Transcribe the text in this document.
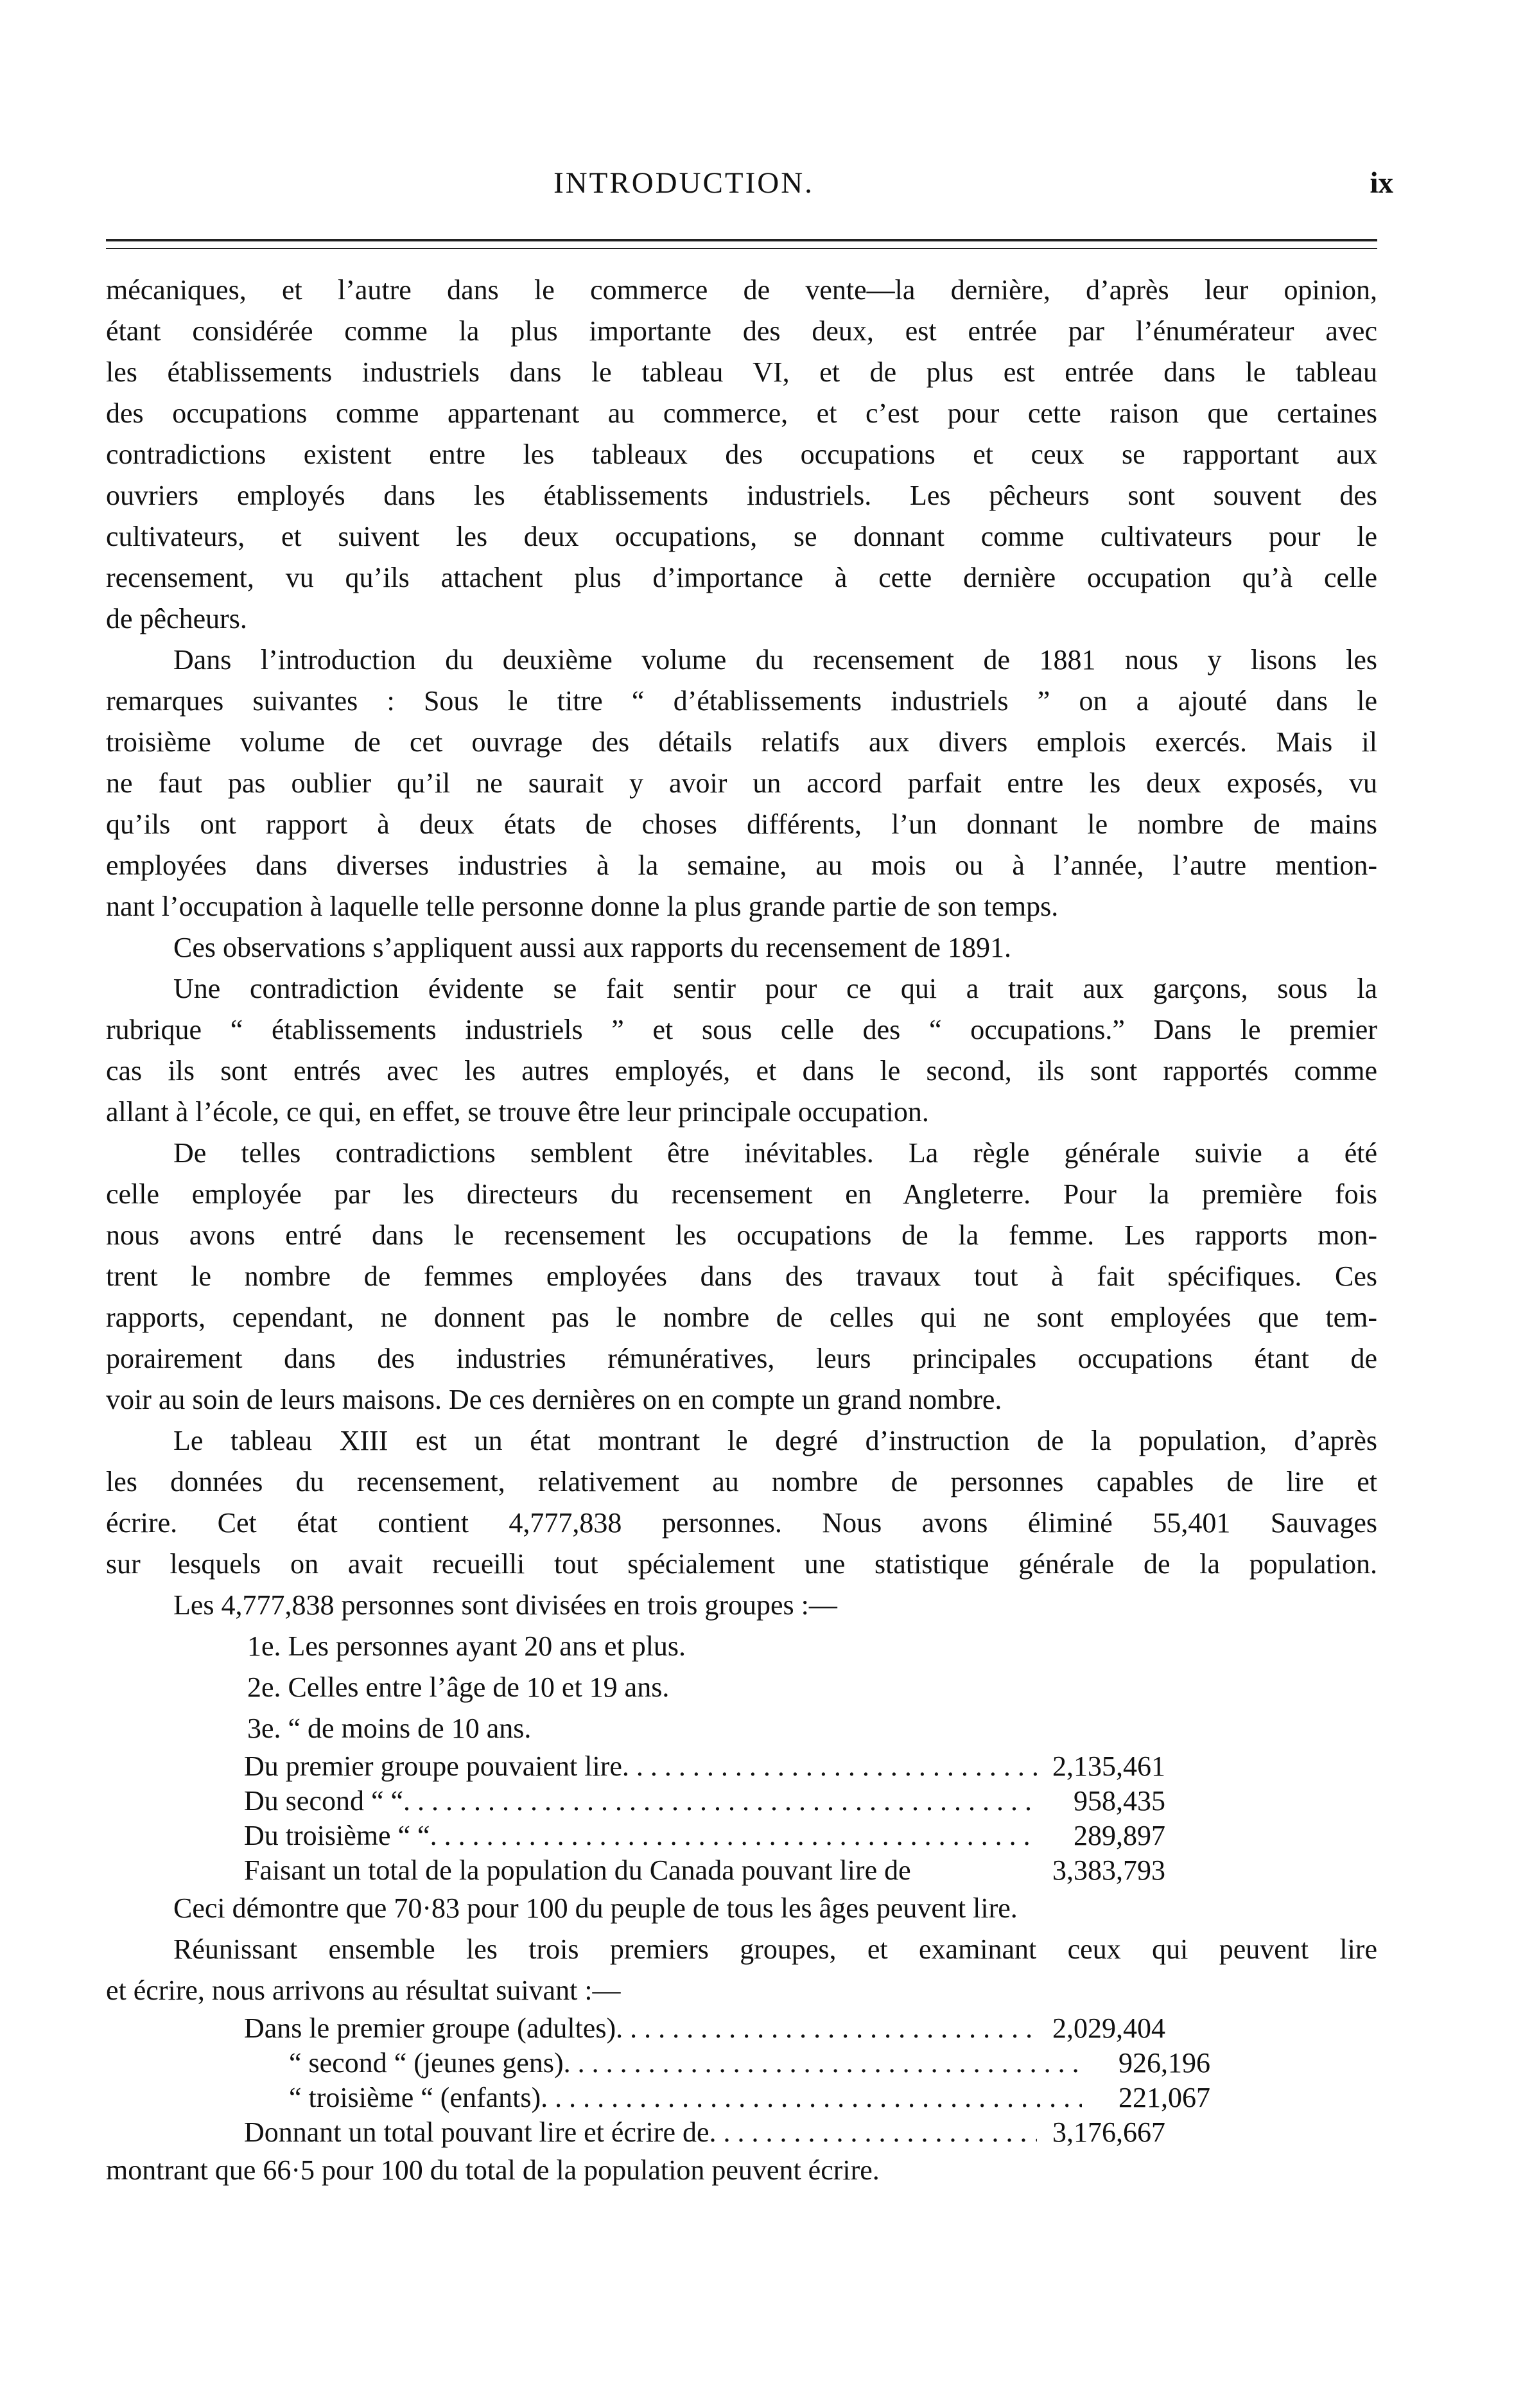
INTRODUCTION.	ix
mécaniques, et l’autre dans le commerce de vente—la dernière, d’après leur opinion,
étant considérée comme la plus importante des deux, est entrée par l’énumérateur avec
les établissements industriels dans le tableau VI, et de plus est entrée dans le tableau
des occupations comme appartenant au commerce, et c’est pour cette raison que certaines
contradictions existent entre les tableaux des occupations et ceux se rapportant aux
ouvriers employés dans les établissements industriels. Les pêcheurs sont souvent des
cultivateurs, et suivent les deux occupations, se donnant comme cultivateurs pour le
recensement, vu qu’ils attachent plus d’importance à cette dernière occupation qu’à celle
de pêcheurs.
Dans l’introduction du deuxième volume du recensement de 1881 nous y lisons les
remarques suivantes : Sous le titre “ d’établissements industriels ” on a ajouté dans le
troisième volume de cet ouvrage des détails relatifs aux divers emplois exercés. Mais il
ne faut pas oublier qu’il ne saurait y avoir un accord parfait entre les deux exposés, vu
qu’ils ont rapport à deux états de choses différents, l’un donnant le nombre de mains
employées dans diverses industries à la semaine, au mois ou à l’année, l’autre mention-
nant l’occupation à laquelle telle personne donne la plus grande partie de son temps.
Ces observations s’appliquent aussi aux rapports du recensement de 1891.
Une contradiction évidente se fait sentir pour ce qui a trait aux garçons, sous la
rubrique “ établissements industriels ” et sous celle des “ occupations.” Dans le premier
cas ils sont entrés avec les autres employés, et dans le second, ils sont rapportés comme
allant à l’école, ce qui, en effet, se trouve être leur principale occupation.
De telles contradictions semblent être inévitables. La règle générale suivie a été
celle employée par les directeurs du recensement en Angleterre. Pour la première fois
nous avons entré dans le recensement les occupations de la femme. Les rapports mon-
trent le nombre de femmes employées dans des travaux tout à fait spécifiques. Ces
rapports, cependant, ne donnent pas le nombre de celles qui ne sont employées que tem-
porairement dans des industries rémunératives, leurs principales occupations étant de
voir au soin de leurs maisons. De ces dernières on en compte un grand nombre.
Le tableau XIII est un état montrant le degré d’instruction de la population, d’après
les données du recensement, relativement au nombre de personnes capables de lire et
écrire. Cet état contient 4,777,838 personnes. Nous avons éliminé 55,401 Sauvages
sur lesquels on avait recueilli tout spécialement une statistique générale de la population.
Les 4,777,838 personnes sont divisées en trois groupes :—
1e. Les personnes ayant 20 ans et plus.
2e. Celles entre l’âge de 10 et 19 ans.
3e. “ de moins de 10 ans.
Du premier groupe pouvaient lire . . .	2,135,461
Du second “ “ . . .	958,435
Du troisième “ “ . . .	289,897
Faisant un total de la population du Canada pouvant lire de	3,383,793
Ceci démontre que 70·83 pour 100 du peuple de tous les âges peuvent lire.
Réunissant ensemble les trois premiers groupes, et examinant ceux qui peuvent lire
et écrire, nous arrivons au résultat suivant :—
Dans le premier groupe (adultes) . . .	2,029,404
“ second “ (jeunes gens) . . .	926,196
“ troisième “ (enfants) . . .	221,067
Donnant un total pouvant lire et écrire de . . .	3,176,667
montrant que 66·5 pour 100 du total de la population peuvent écrire.
